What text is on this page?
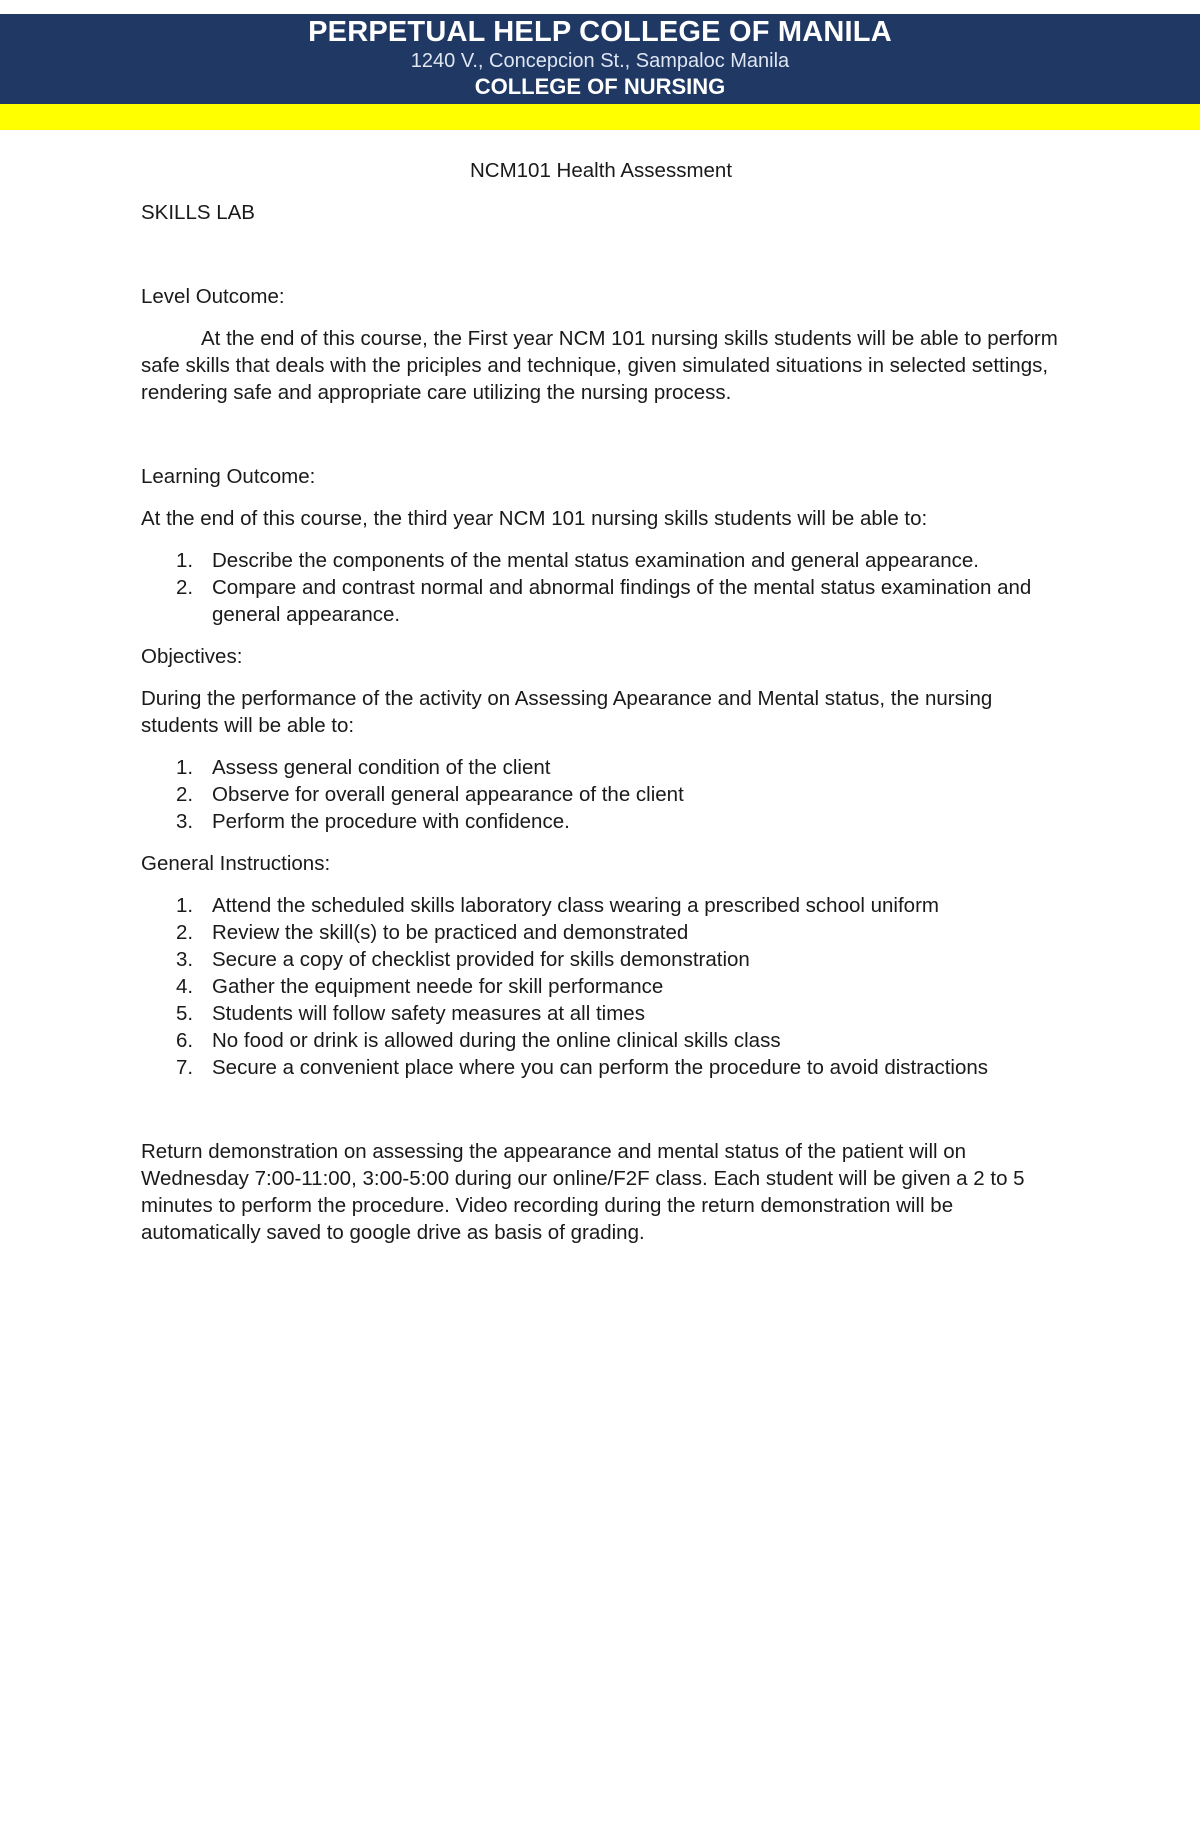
PERPETUAL HELP COLLEGE OF MANILA
1240 V., Concepcion St., Sampaloc Manila
COLLEGE OF NURSING

NCM101 Health Assessment

SKILLS LAB

Level Outcome:

At the end of this course, the First year NCM 101 nursing skills students will be able to perform safe skills that deals with the priciples and technique, given simulated situations in selected settings, rendering safe and appropriate care utilizing the nursing process.

Learning Outcome:

At the end of this course, the third year NCM 101 nursing skills students will be able to:

1. Describe the components of the mental status examination and general appearance.
2. Compare and contrast normal and abnormal findings of the mental status examination and general appearance.

Objectives:

During the performance of the activity on Assessing Apearance and Mental status, the nursing students will be able to:

1. Assess general condition of the client
2. Observe for overall general appearance of the client
3. Perform the procedure with confidence.

General Instructions:

1. Attend the scheduled skills laboratory class wearing a prescribed school uniform
2. Review the skill(s) to be practiced and demonstrated
3. Secure a copy of checklist provided for skills demonstration
4. Gather the equipment neede for skill performance
5. Students will follow safety measures at all times
6. No food or drink is allowed during the online clinical skills class
7. Secure a convenient place where you can perform the procedure to avoid distractions

Return demonstration on assessing the appearance and mental status of the patient will on Wednesday 7:00-11:00, 3:00-5:00 during our online/F2F class. Each student will be given a 2 to 5 minutes to perform the procedure. Video recording during the return demonstration will be automatically saved to google drive as basis of grading.
